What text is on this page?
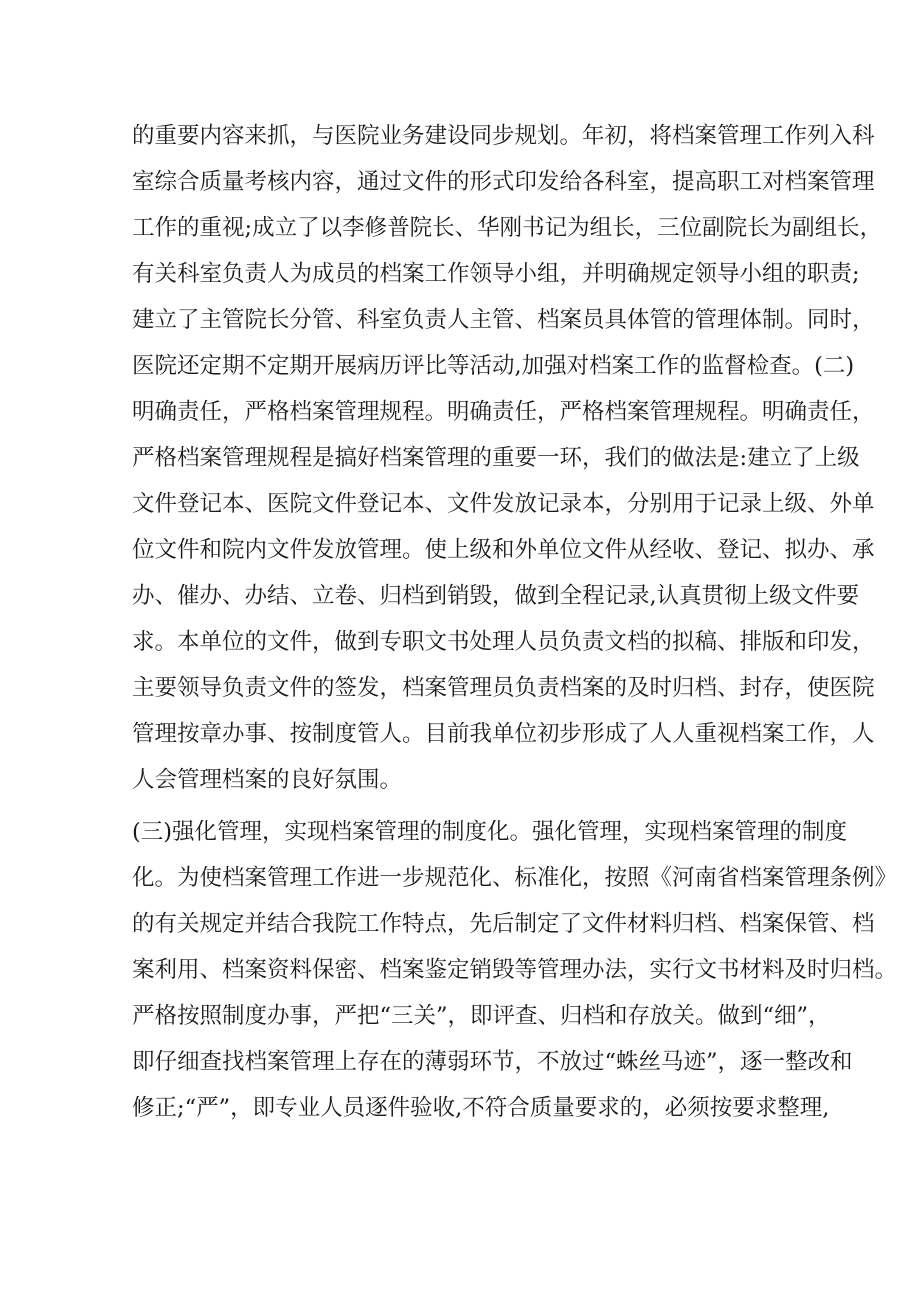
的重要内容来抓，与医院业务建设同步规划。年初，将档案管理工作列入科
室综合质量考核内容，通过文件的形式印发给各科室，提高职工对档案管理
工作的重视;成立了以李修普院长、华刚书记为组长，三位副院长为副组长，
有关科室负责人为成员的档案工作领导小组，并明确规定领导小组的职责;
建立了主管院长分管、科室负责人主管、档案员具体管的管理体制。同时，
医院还定期不定期开展病历评比等活动,加强对档案工作的监督检查。(二)
明确责任，严格档案管理规程。明确责任，严格档案管理规程。明确责任，
严格档案管理规程是搞好档案管理的重要一环，我们的做法是:建立了上级
文件登记本、医院文件登记本、文件发放记录本，分别用于记录上级、外单
位文件和院内文件发放管理。使上级和外单位文件从经收、登记、拟办、承
办、催办、办结、立卷、归档到销毁，做到全程记录,认真贯彻上级文件要
求。本单位的文件，做到专职文书处理人员负责文档的拟稿、排版和印发，
主要领导负责文件的签发，档案管理员负责档案的及时归档、封存，使医院
管理按章办事、按制度管人。目前我单位初步形成了人人重视档案工作，人
人会管理档案的良好氛围。
(三)强化管理，实现档案管理的制度化。强化管理，实现档案管理的制度
化。为使档案管理工作进一步规范化、标准化，按照《河南省档案管理条例》
的有关规定并结合我院工作特点，先后制定了文件材料归档、档案保管、档
案利用、档案资料保密、档案鉴定销毁等管理办法，实行文书材料及时归档。
严格按照制度办事，严把“三关”，即评查、归档和存放关。做到“细”，
即仔细查找档案管理上存在的薄弱环节，不放过“蛛丝马迹”，逐一整改和
修正;“严”，即专业人员逐件验收,不符合质量要求的，必须按要求整理,
